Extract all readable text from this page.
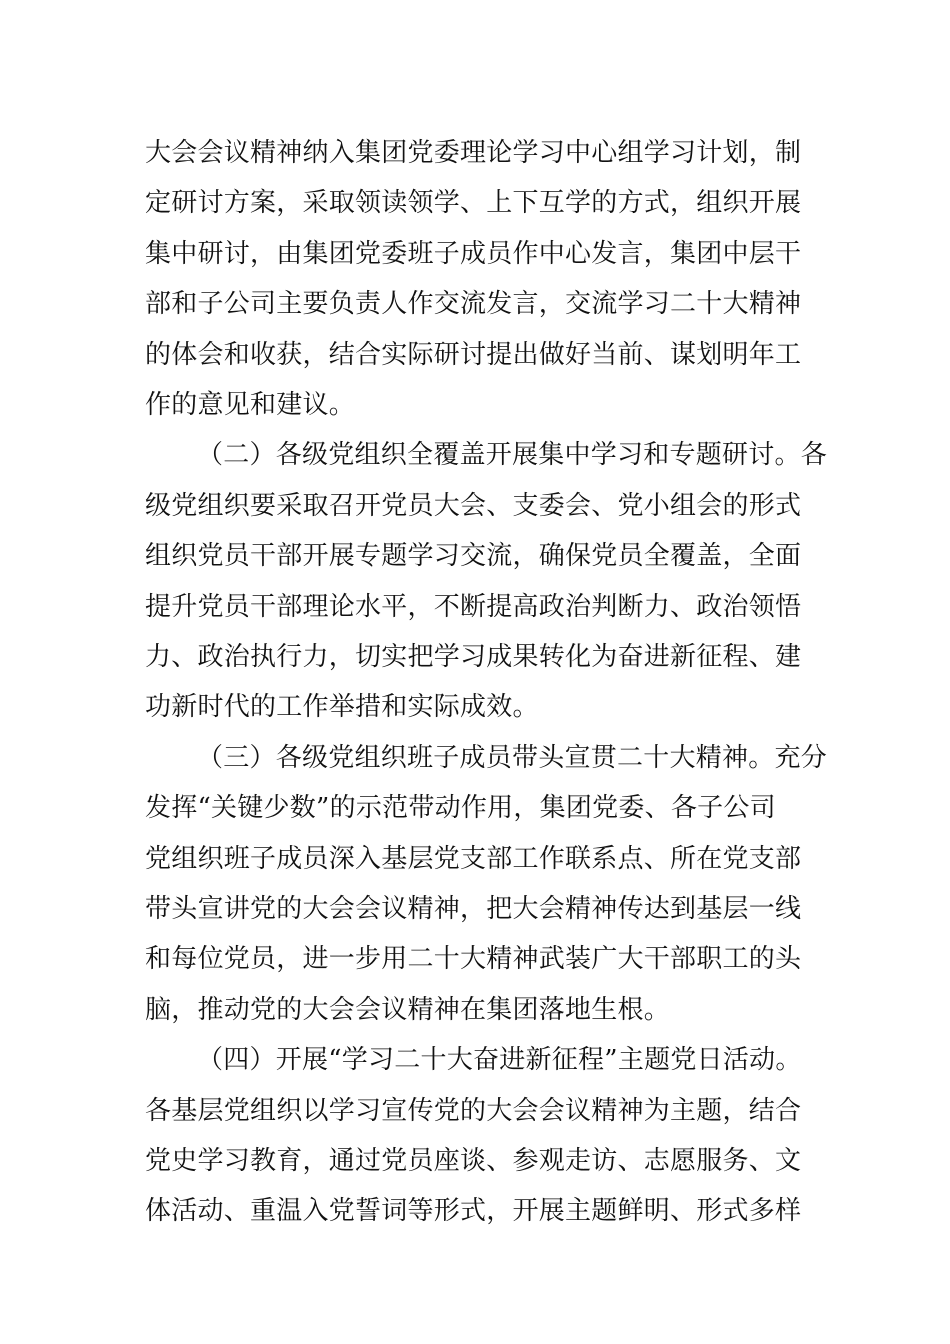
大会会议精神纳入集团党委理论学习中心组学习计划，制
定研讨方案，采取领读领学、上下互学的方式，组织开展
集中研讨，由集团党委班子成员作中心发言，集团中层干
部和子公司主要负责人作交流发言，交流学习二十大精神
的体会和收获，结合实际研讨提出做好当前、谋划明年工
作的意见和建议。
（二）各级党组织全覆盖开展集中学习和专题研讨。各
级党组织要采取召开党员大会、支委会、党小组会的形式
组织党员干部开展专题学习交流，确保党员全覆盖，全面
提升党员干部理论水平，不断提高政治判断力、政治领悟
力、政治执行力，切实把学习成果转化为奋进新征程、建
功新时代的工作举措和实际成效。
（三）各级党组织班子成员带头宣贯二十大精神。充分
发挥“关键少数”的示范带动作用，集团党委、各子公司
党组织班子成员深入基层党支部工作联系点、所在党支部
带头宣讲党的大会会议精神，把大会精神传达到基层一线
和每位党员，进一步用二十大精神武装广大干部职工的头
脑，推动党的大会会议精神在集团落地生根。
（四）开展“学习二十大奋进新征程”主题党日活动。
各基层党组织以学习宣传党的大会会议精神为主题，结合
党史学习教育，通过党员座谈、参观走访、志愿服务、文
体活动、重温入党誓词等形式，开展主题鲜明、形式多样
